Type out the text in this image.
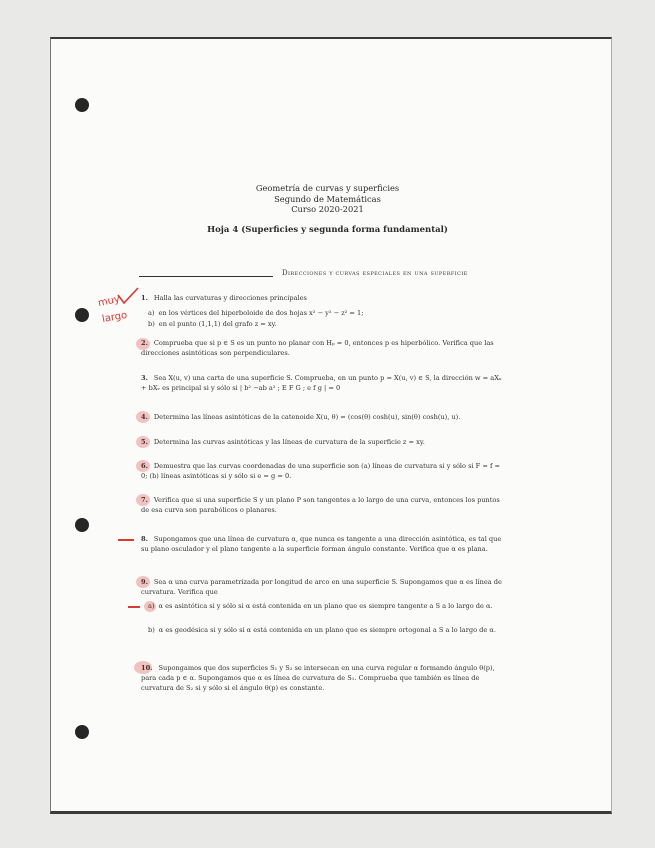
muy
largo
Geometría de curvas y superficies
Segundo de Matemáticas
Curso 2020-2021
Hoja 4 (Superficies y segunda forma fundamental)
Direcciones y curvas especiales en una superficie
1. Halla las curvaturas y direcciones principales
a) en los vértices del hiperboloide de dos hojas x² − y² − z² = 1;
b) en el punto (1,1,1) del grafo z = xy.
2. Comprueba que si p ∈ S es un punto no planar con Hₚ = 0, entonces p es hiperbólico. Verifica que las direcciones asintóticas son perpendiculares.
3. Sea X(u, v) una carta de una superficie S. Comprueba, en un punto p = X(u, v) ∈ S, la dirección w = aXᵤ + bXᵥ es principal si y sólo si | b² −ab a² ; E F G ; e f g | = 0
4. Determina las líneas asintóticas de la catenoide X(u, θ) = (cos(θ) cosh(u), sin(θ) cosh(u), u).
5. Determina las curvas asintóticas y las líneas de curvatura de la superficie z = xy.
6. Demuestra que las curvas coordenadas de una superficie son (a) líneas de curvatura si y sólo si F = f = 0; (b) líneas asintóticas si y sólo si e = g = 0.
7. Verifica que si una superficie S y un plano P son tangentes a lo largo de una curva, entonces los puntos de esa curva son parabólicos o planares.
8. Supongamos que una línea de curvatura α, que nunca es tangente a una dirección asintótica, es tal que su plano osculador y el plano tangente a la superficie forman ángulo constante. Verifica que α es plana.
9. Sea α una curva parametrizada por longitud de arco en una superficie S. Supongamos que α es línea de curvatura. Verifica que
a) α es asintótica si y sólo si α está contenida en un plano que es siempre tangente a S a lo largo de α.
b) α es geodésica si y sólo si α está contenida en un plano que es siempre ortogonal a S a lo largo de α.
10. Supongamos que dos superficies S₁ y S₂ se intersecan en una curva regular α formando ángulo θ(p), para cada p ∈ α. Supongamos que α es línea de curvatura de S₁. Comprueba que también es línea de curvatura de S₂ si y sólo si el ángulo θ(p) es constante.
